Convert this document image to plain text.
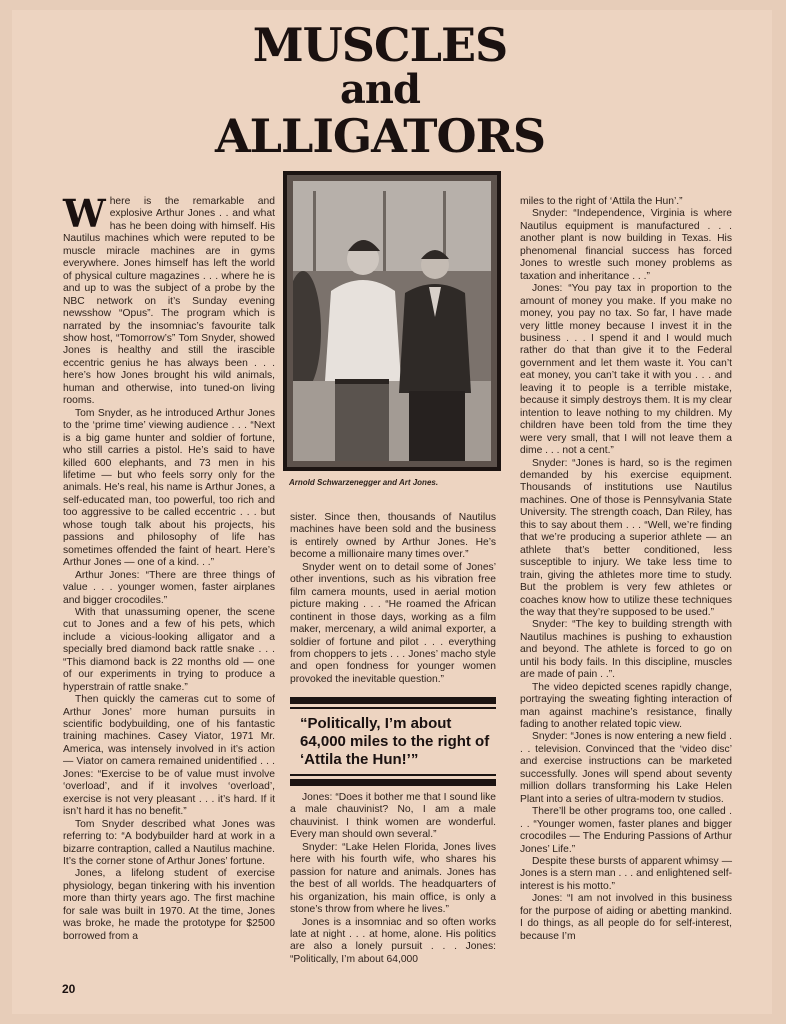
MUSCLES
and
ALLIGATORS

Where is the remarkable and explosive Arthur Jones . . and what has he been doing with himself. His Nautilus machines which were reputed to be muscle miracle machines are in gyms everywhere. Jones himself has left the world of physical culture magazines . . . where he is and up to was the subject of a probe by the NBC network on it’s Sunday evening newsshow “Opus”. The program which is narrated by the insomniac’s favourite talk show host, “Tomorrow’s” Tom Snyder, showed Jones is healthy and still the irascible eccentric genius he has always been . . . here’s how Jones brought his wild animals, human and otherwise, into tuned-on living rooms.

Tom Snyder, as he introduced Arthur Jones to the ‘prime time’ viewing audience . . . “Next is a big game hunter and soldier of fortune, who still carries a pistol. He’s said to have killed 600 elephants, and 73 men in his lifetime — but who feels sorry only for the animals. He’s real, his name is Arthur Jones, a self-educated man, too powerful, too rich and too aggressive to be called eccentric . . . but whose tough talk about his projects, his passions and philosophy of life has sometimes offended the faint of heart. Here’s Arthur Jones — one of a kind. . .”

Arthur Jones: “There are three things of value . . . younger women, faster airplanes and bigger crocodiles.”

With that unassuming opener, the scene cut to Jones and a few of his pets, which include a vicious-looking alligator and a specially bred diamond back rattle snake . . . “This diamond back is 22 months old — one of our experiments in trying to produce a hyperstrain of rattle snake.”

Then quickly the cameras cut to some of Arthur Jones’ more human pursuits in scientific bodybuilding, one of his fantastic training machines. Casey Viator, 1971 Mr. America, was intensely involved in it’s action — Viator on camera remained unidentified . . . Jones: “Exercise to be of value must involve ‘overload’, and if it involves ‘overload’, exercise is not very pleasant . . . it’s hard. If it isn’t hard it has no benefit.”

Tom Snyder described what Jones was referring to: “A bodybuilder hard at work in a bizarre contraption, called a Nautilus machine. It’s the corner stone of Arthur Jones’ fortune.

Jones, a lifelong student of exercise physiology, began tinkering with his invention more than thirty years ago. The first machine for sale was built in 1970. At the time, Jones was broke, he made the prototype for $2500 borrowed from a

Arnold Schwarzenegger and Art Jones.

sister. Since then, thousands of Nautilus machines have been sold and the business is entirely owned by Arthur Jones. He’s become a millionaire many times over.”

Snyder went on to detail some of Jones’ other inventions, such as his vibration free film camera mounts, used in aerial motion picture making . . . “He roamed the African continent in those days, working as a film maker, mercenary, a wild animal exporter, a soldier of fortune and pilot . . . everything from choppers to jets . . . Jones’ macho style and open fondness for younger women provoked the inevitable question.”

“Politically, I’m about 64,000 miles to the right of ‘Attila the Hun!’”

Jones: “Does it bother me that I sound like a male chauvinist? No, I am a male chauvinist. I think women are wonderful. Every man should own several.”

Snyder: “Lake Helen Florida, Jones lives here with his fourth wife, who shares his passion for nature and animals. Jones has the best of all worlds. The headquarters of his organization, his main office, is only a stone’s throw from where he lives.”

Jones is a insomniac and so often works late at night . . . at home, alone. His politics are also a lonely pursuit . . . Jones: “Politically, I’m about 64,000

miles to the right of ‘Attila the Hun’.”

Snyder: “Independence, Virginia is where Nautilus equipment is manufactured . . . another plant is now building in Texas. His phenomenal financial success has forced Jones to wrestle such money problems as taxation and inheritance . . .”

Jones: “You pay tax in proportion to the amount of money you make. If you make no money, you pay no tax. So far, I have made very little money because I invest it in the business . . . I spend it and I would much rather do that than give it to the Federal government and let them waste it. You can’t eat money, you can’t take it with you . . . and leaving it to people is a terrible mistake, because it simply destroys them. It is my clear intention to leave nothing to my children. My children have been told from the time they were very small, that I will not leave them a dime . . . not a cent.”

Snyder: “Jones is hard, so is the regimen demanded by his exercise equipment. Thousands of institutions use Nautilus machines. One of those is Pennsylvania State University. The strength coach, Dan Riley, has this to say about them . . . “Well, we’re finding that we’re producing a superior athlete — an athlete that’s better conditioned, less susceptible to injury. We take less time to train, giving the athletes more time to study. But the problem is very few athletes or coaches know how to utilize these techniques the way that they’re supposed to be used.”

Snyder: “The key to building strength with Nautilus machines is pushing to exhaustion and beyond. The athlete is forced to go on until his body fails. In this discipline, muscles are made of pain . .”.

The video depicted scenes rapidly change, portraying the sweating fighting interaction of man against machine’s resistance, finally fading to another related topic view.

Snyder: “Jones is now entering a new field . . . television. Convinced that the ‘video disc’ and exercise instructions can be marketed successfully. Jones will spend about seventy million dollars transforming his Lake Helen Plant into a series of ultra-modern tv studios.

There’ll be other programs too, one called . . . “Younger women, faster planes and bigger crocodiles — The Enduring Passions of Arthur Jones’ Life.”

Despite these bursts of apparent whimsy — Jones is a stern man . . . and enlightened self-interest is his motto.”

Jones: “I am not involved in this business for the purpose of aiding or abetting mankind. I do things, as all people do for self-interest, because I’m

20
